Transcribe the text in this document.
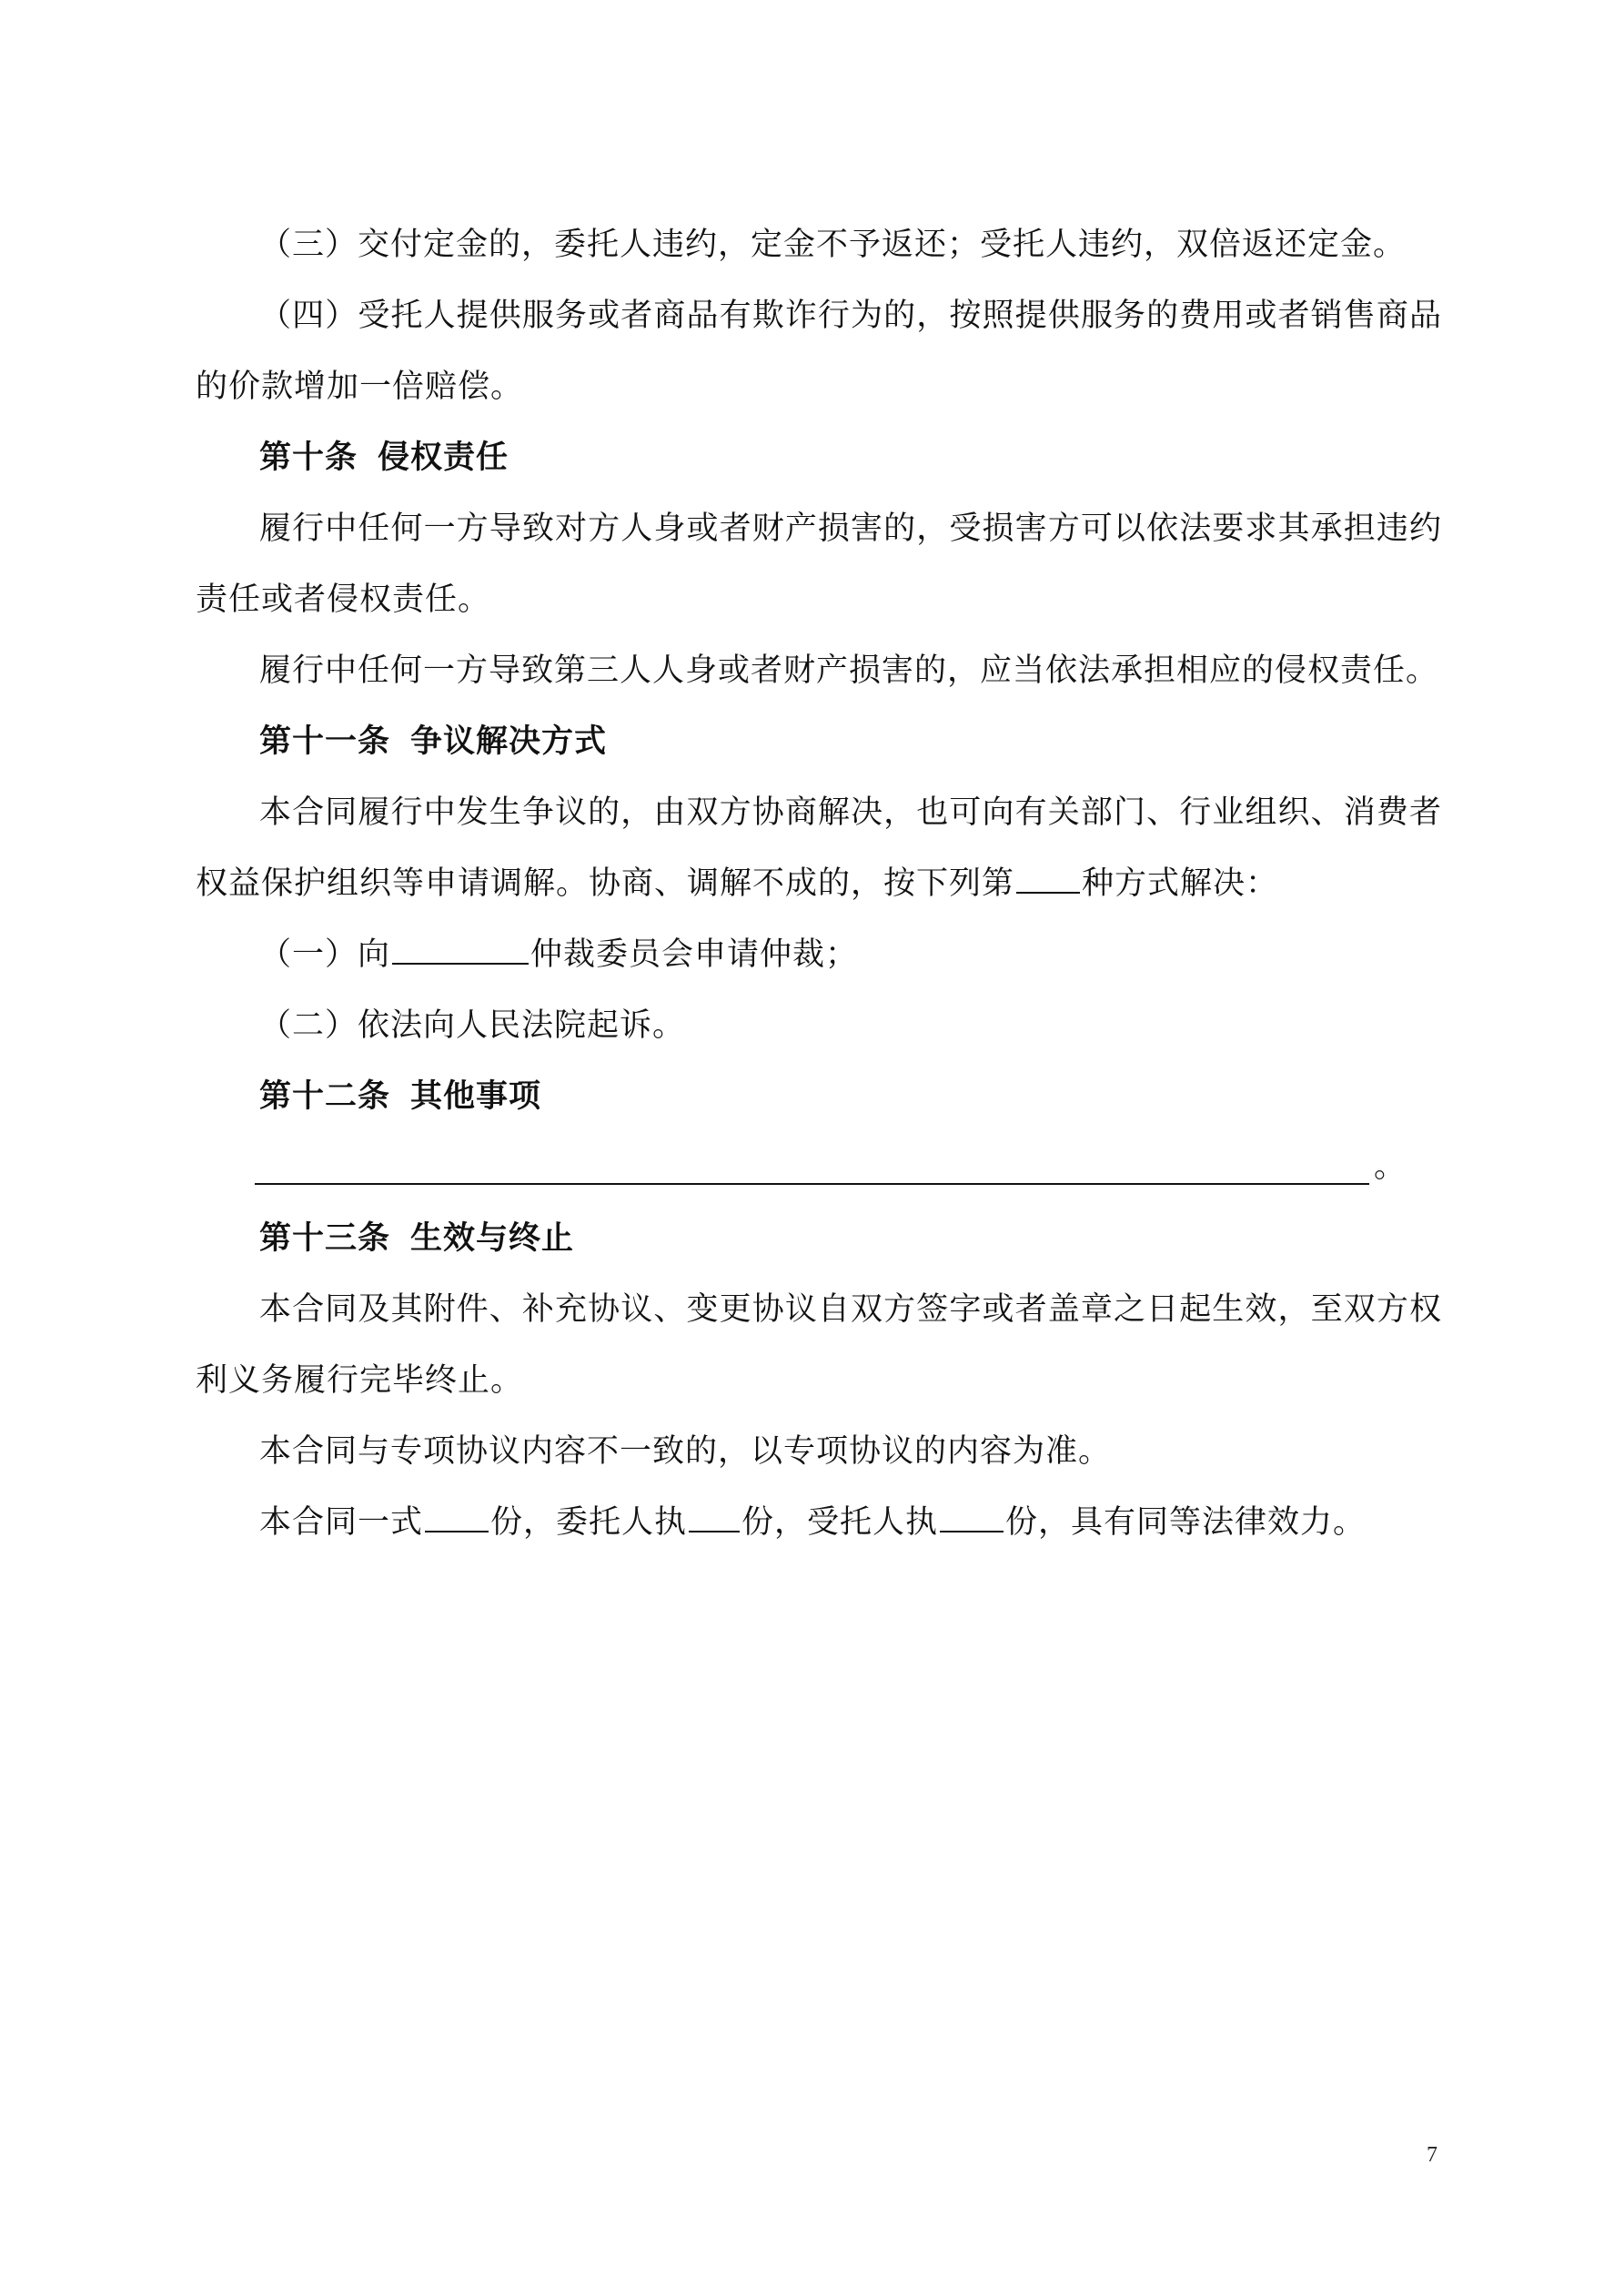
（三）交付定金的，委托人违约，定金不予返还；受托人违约，双倍返还定金。

（四）受托人提供服务或者商品有欺诈行为的，按照提供服务的费用或者销售商品的价款增加一倍赔偿。

第十条 侵权责任

履行中任何一方导致对方人身或者财产损害的，受损害方可以依法要求其承担违约责任或者侵权责任。

履行中任何一方导致第三人人身或者财产损害的，应当依法承担相应的侵权责任。

第十一条 争议解决方式

本合同履行中发生争议的，由双方协商解决，也可向有关部门、行业组织、消费者权益保护组织等申请调解。协商、调解不成的，按下列第 种方式解决：

（一）向	仲裁委员会申请仲裁；

（二）依法向人民法院起诉。

第十二条 其他事项

。

第十三条 生效与终止

本合同及其附件、补充协议、变更协议自双方签字或者盖章之日起生效，至双方权利义务履行完毕终止。

本合同与专项协议内容不一致的，以专项协议的内容为准。

本合同一式 份，委托人执 份，受托人执 份，具有同等法律效力。

7
